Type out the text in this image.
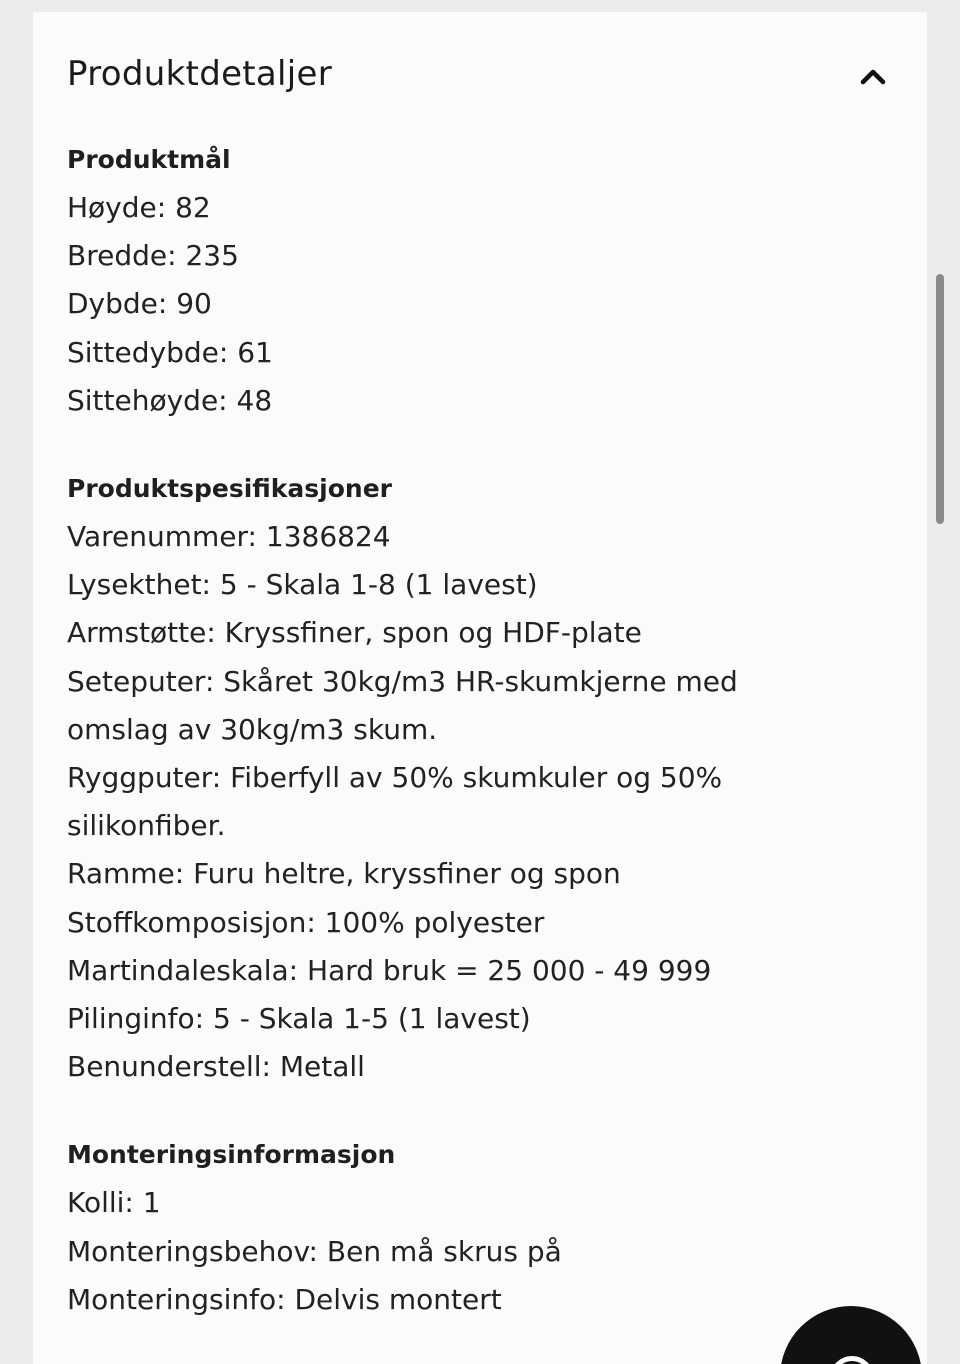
Produktdetaljer
Produktmål

Høyde: 82

Bredde: 235

Dybde: 90

Sittedybde: 61

Sittehøyde: 48

Produktspesifikasjoner

Varenummer: 1386824

Lysekthet: 5 - Skala 1-8 (1 lavest)

Armstøtte: Kryssfiner, spon og HDF-plate

Seteputer: Skåret 30kg/m3 HR-skumkjerne med

omslag av 30kg/m3 skum.

Ryggputer: Fiberfyll av 50% skumkuler og 50%

silikonfiber.

Ramme: Furu heltre, kryssfiner og spon

Stoffkomposisjon: 100% polyester

Martindaleskala: Hard bruk = 25 000 - 49 999

Pilinginfo: 5 - Skala 1-5 (1 lavest)

Benunderstell: Metall

Monteringsinformasjon

Kolli: 1

Monteringsbehov: Ben må skrus på

Monteringsinfo: Delvis montert
